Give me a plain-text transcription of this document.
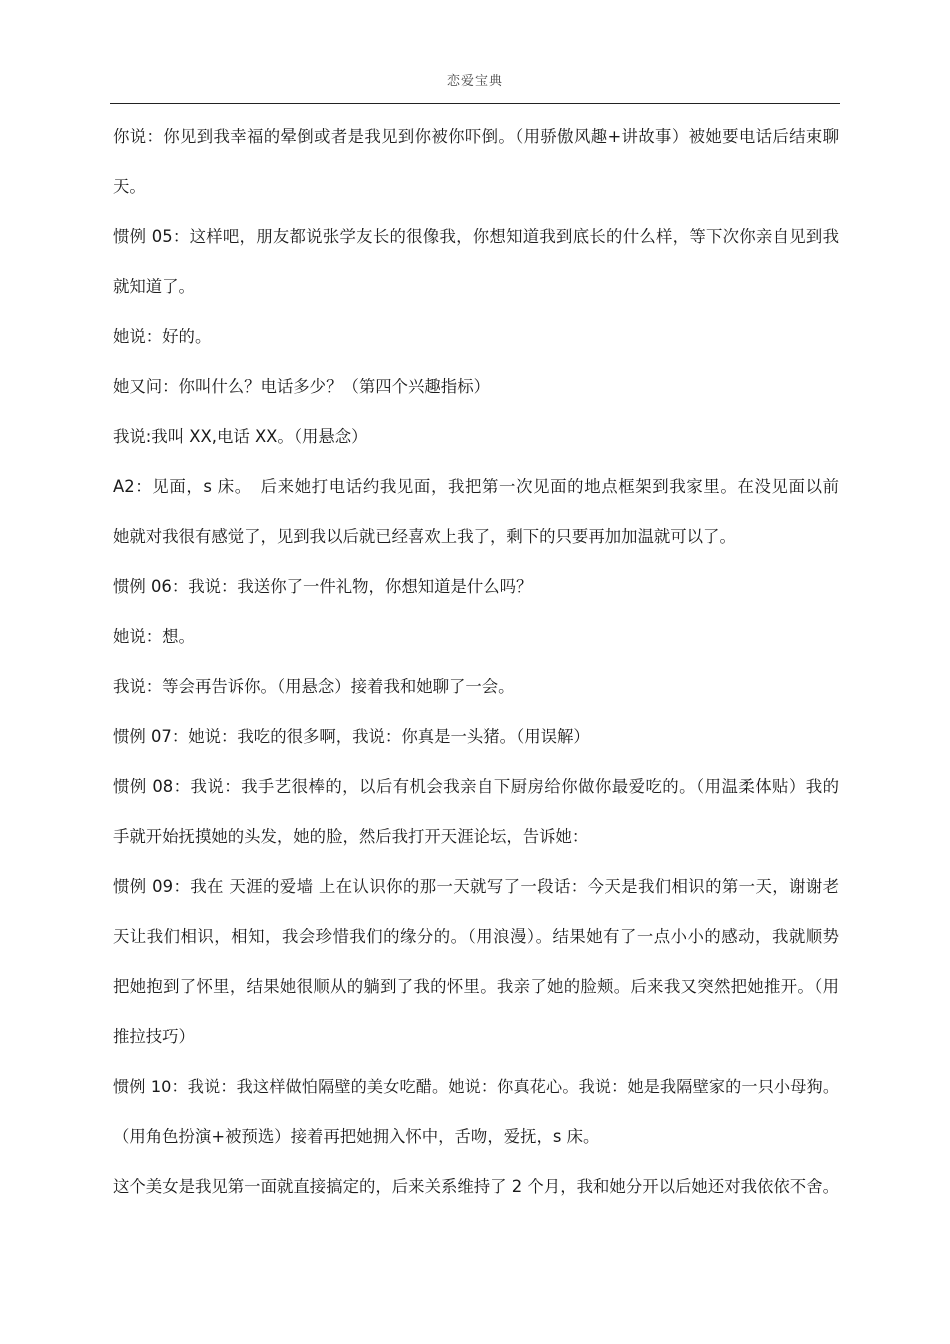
恋爱宝典
你说：你见到我幸福的晕倒或者是我见到你被你吓倒。（用骄傲风趣+讲故事）被她要电话后结束聊
天。
惯例 05：这样吧，朋友都说张学友长的很像我，你想知道我到底长的什么样，等下次你亲自见到我
就知道了。
她说：好的。
她又问：你叫什么？电话多少？（第四个兴趣指标）
我说:我叫 XX,电话 XX。（用悬念）
A2：见面，s 床。　后来她打电话约我见面，我把第一次见面的地点框架到我家里。在没见面以前
她就对我很有感觉了，见到我以后就已经喜欢上我了，剩下的只要再加加温就可以了。
惯例 06：我说：我送你了一件礼物，你想知道是什么吗？
她说：想。
我说：等会再告诉你。（用悬念）接着我和她聊了一会。
惯例 07：她说：我吃的很多啊，我说：你真是一头猪。（用误解）
惯例 08：我说：我手艺很棒的，以后有机会我亲自下厨房给你做你最爱吃的。（用温柔体贴）我的
手就开始抚摸她的头发，她的脸，然后我打开天涯论坛，告诉她：
惯例 09：我在 天涯的爱墙 上在认识你的那一天就写了一段话：今天是我们相识的第一天，谢谢老
天让我们相识，相知，我会珍惜我们的缘分的。（用浪漫）。结果她有了一点小小的感动，我就顺势
把她抱到了怀里，结果她很顺从的躺到了我的怀里。我亲了她的脸颊。后来我又突然把她推开。（用
推拉技巧）
惯例 10：我说：我这样做怕隔壁的美女吃醋。她说：你真花心。我说：她是我隔壁家的一只小母狗。
（用角色扮演+被预选）接着再把她拥入怀中，舌吻，爱抚，s 床。
这个美女是我见第一面就直接搞定的，后来关系维持了 2 个月，我和她分开以后她还对我依依不舍。
